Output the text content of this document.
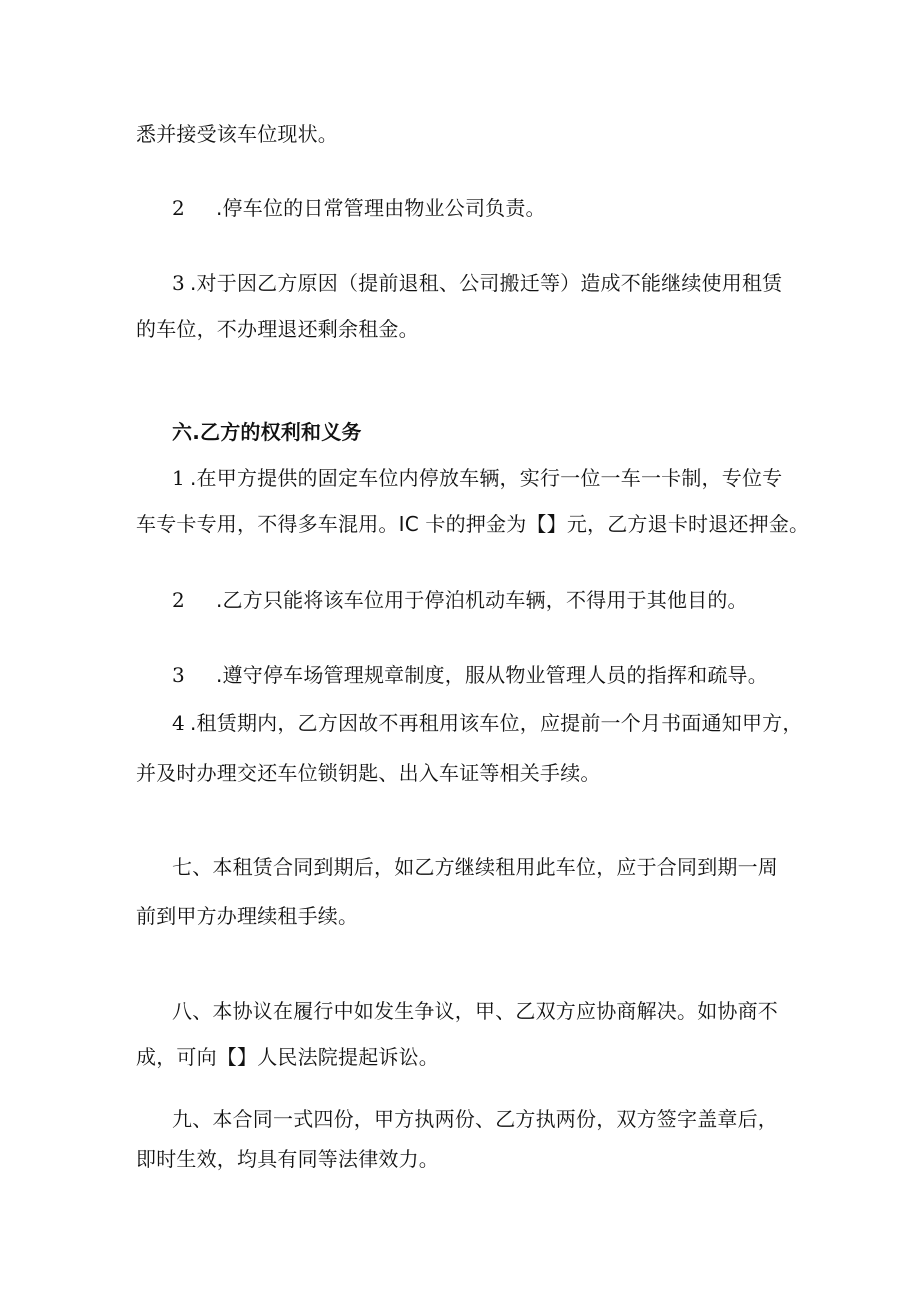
悉并接受该车位现状。
2 .停车位的日常管理由物业公司负责。
3 .对于因乙方原因（提前退租、公司搬迁等）造成不能继续使用租赁
的车位，不办理退还剩余租金。
六.乙方的权利和义务
1 .在甲方提供的固定车位内停放车辆，实行一位一车一卡制，专位专
车专卡专用，不得多车混用。IC 卡的押金为【】元，乙方退卡时退还押金。
2 .乙方只能将该车位用于停泊机动车辆，不得用于其他目的。
3 .遵守停车场管理规章制度，服从物业管理人员的指挥和疏导。
4 .租赁期内，乙方因故不再租用该车位，应提前一个月书面通知甲方，
并及时办理交还车位锁钥匙、出入车证等相关手续。
七、本租赁合同到期后，如乙方继续租用此车位，应于合同到期一周
前到甲方办理续租手续。
八、本协议在履行中如发生争议，甲、乙双方应协商解决。如协商不
成，可向【】人民法院提起诉讼。
九、本合同一式四份，甲方执两份、乙方执两份，双方签字盖章后，
即时生效，均具有同等法律效力。
